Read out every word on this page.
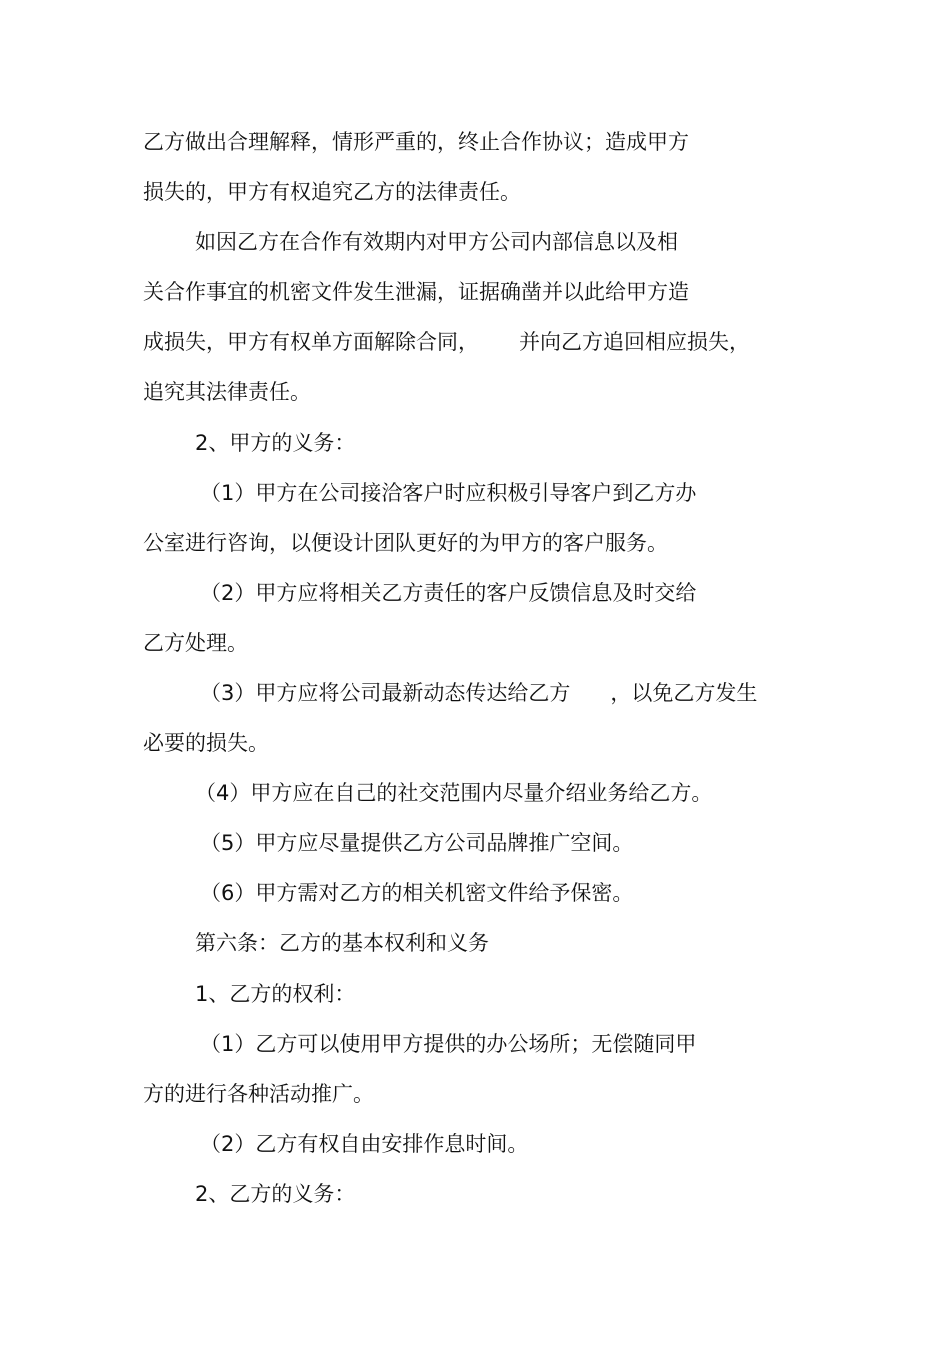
乙方做出合理解释，情形严重的，终止合作协议；造成甲方
损失的，甲方有权追究乙方的法律责任。
如因乙方在合作有效期内对甲方公司内部信息以及相
关合作事宜的机密文件发生泄漏，证据确凿并以此给甲方造
成损失，甲方有权单方面解除合同，      并向乙方追回相应损失，
追究其法律责任。
2、甲方的义务：
（1）甲方在公司接洽客户时应积极引导客户到乙方办
公室进行咨询，以便设计团队更好的为甲方的客户服务。
（2）甲方应将相关乙方责任的客户反馈信息及时交给
乙方处理。
（3）甲方应将公司最新动态传达给乙方      ，以免乙方发生
必要的损失。
（4）甲方应在自己的社交范围内尽量介绍业务给乙方。
（5）甲方应尽量提供乙方公司品牌推广空间。
（6）甲方需对乙方的相关机密文件给予保密。
第六条：乙方的基本权利和义务
1、乙方的权利：
（1）乙方可以使用甲方提供的办公场所；无偿随同甲
方的进行各种活动推广。
（2）乙方有权自由安排作息时间。
2、乙方的义务：
